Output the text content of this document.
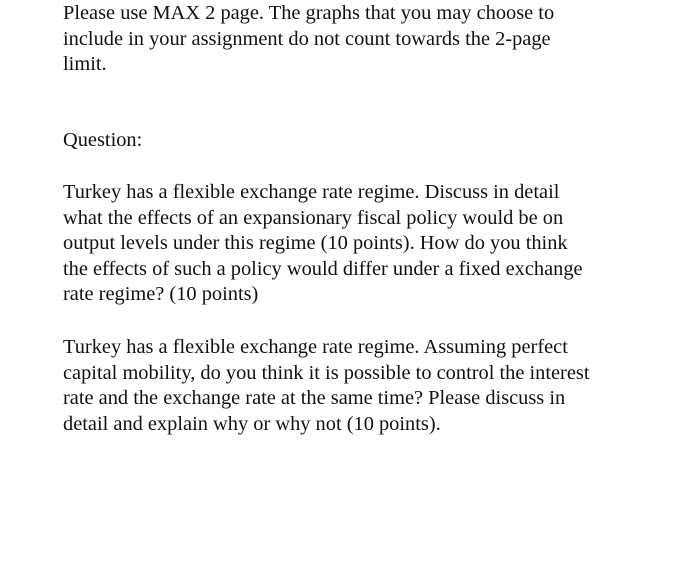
Please use MAX 2 page. The graphs that you may choose to
include in your assignment do not count towards the 2-page
limit.

Question:

Turkey has a flexible exchange rate regime. Discuss in detail
what the effects of an expansionary fiscal policy would be on
output levels under this regime (10 points). How do you think
the effects of such a policy would differ under a fixed exchange
rate regime? (10 points)

Turkey has a flexible exchange rate regime. Assuming perfect
capital mobility, do you think it is possible to control the interest
rate and the exchange rate at the same time? Please discuss in
detail and explain why or why not (10 points).
